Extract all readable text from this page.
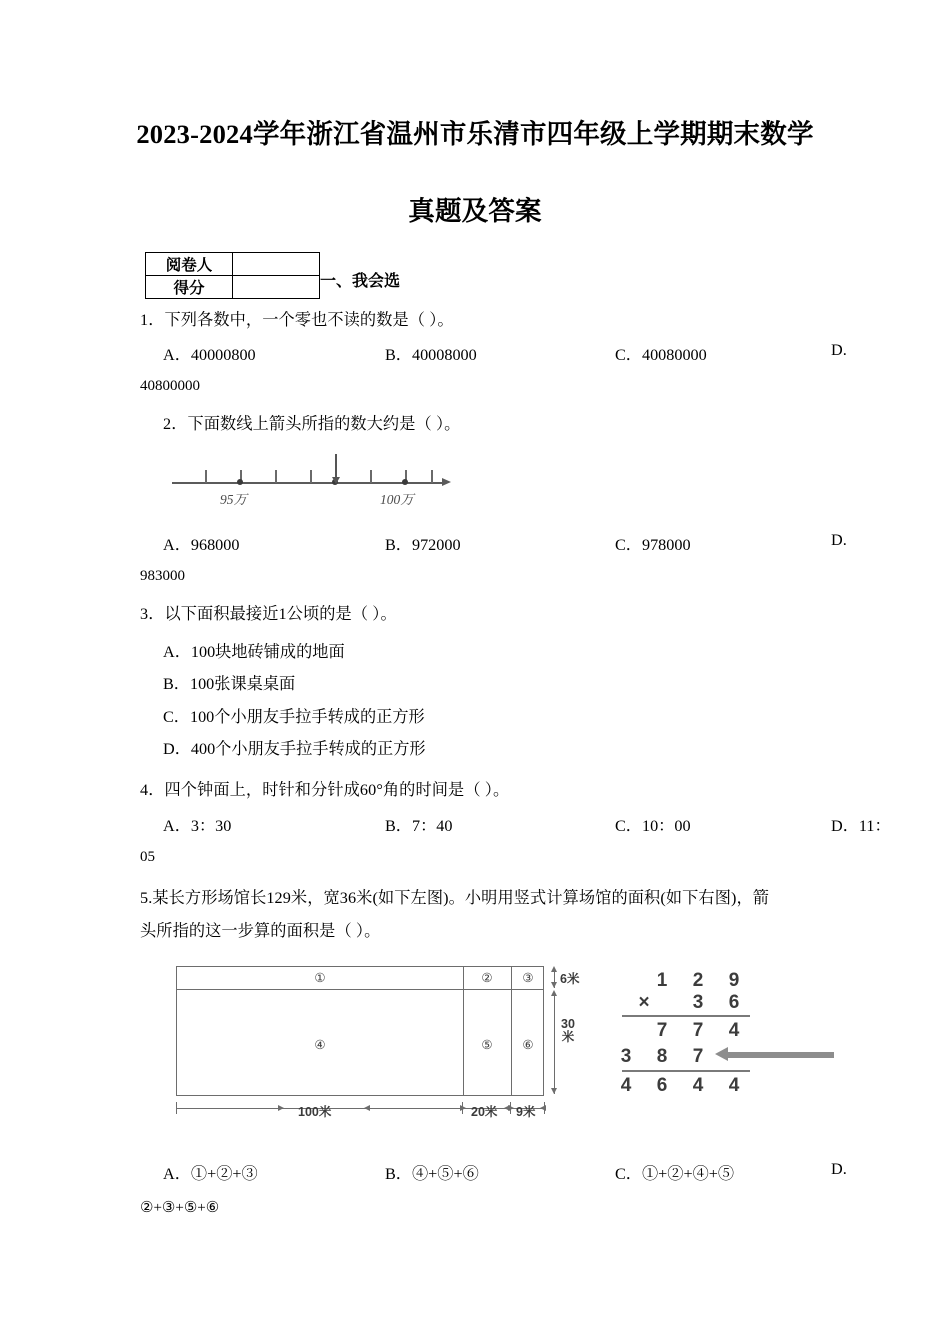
2023-2024学年浙江省温州市乐清市四年级上学期期末数学
真题及答案
阅卷人	
得分		一、我会选
1．下列各数中，一个零也不读的数是（ ）。
A．40000800	B．40008000	C．40080000	D.
40800000
2．下面数线上箭头所指的数大约是（ ）。
95万	100万
A．968000	B．972000	C．978000	D.
983000
3．以下面积最接近1公顷的是（ ）。
A．100块地砖铺成的地面
B．100张课桌桌面
C．100个小朋友手拉手转成的正方形
D．400个小朋友手拉手转成的正方形
4．四个钟面上，时针和分针成60°角的时间是（ ）。
A．3：30	B．7：40	C．10：00	D．11：
05
5.某长方形场馆长129米，宽36米(如下左图)。小明用竖式计算场馆的面积(如下右图)，箭
头所指的这一步算的面积是（ ）。
①	② ③
④	⑤ ⑥
6米
30米
100米	20米 9米
1	2	9
×	3	6
7	7	4
3	8	7
4	6	4	4
A．①+②+③	B．④+⑤+⑥	C．①+②+④+⑤	D.
②+③+⑤+⑥
